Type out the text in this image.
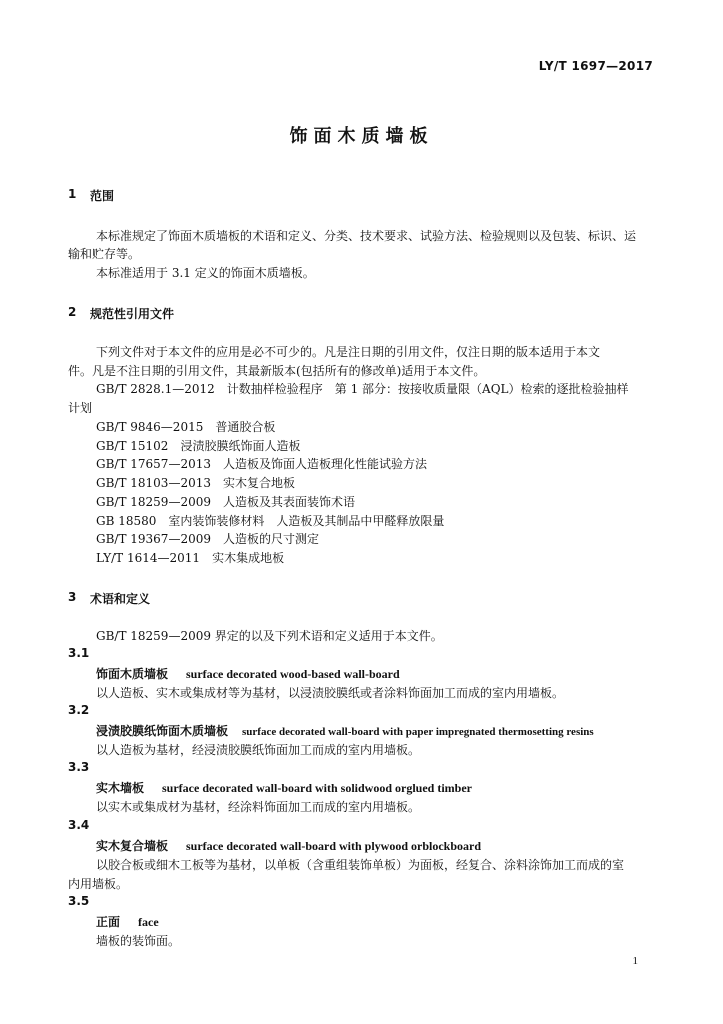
LY/T 1697—2017
饰面木质墙板
1 范围
本标准规定了饰面木质墙板的术语和定义、分类、技术要求、试验方法、检验规则以及包装、标识、运
输和贮存等。
本标准适用于 3.1 定义的饰面木质墙板。
2 规范性引用文件
下列文件对于本文件的应用是必不可少的。凡是注日期的引用文件，仅注日期的版本适用于本文
件。凡是不注日期的引用文件，其最新版本(包括所有的修改单)适用于本文件。
GB/T 2828.1—2012　计数抽样检验程序　第 1 部分：按接收质量限（AQL）检索的逐批检验抽样
计划
GB/T 9846—2015　普通胶合板
GB/T 15102　浸渍胶膜纸饰面人造板
GB/T 17657—2013　人造板及饰面人造板理化性能试验方法
GB/T 18103—2013　实木复合地板
GB/T 18259—2009　人造板及其表面装饰术语
GB 18580　室内装饰装修材料　人造板及其制品中甲醛释放限量
GB/T 19367—2009　人造板的尺寸测定
LY/T 1614—2011　实木集成地板
3 术语和定义
GB/T 18259—2009 界定的以及下列术语和定义适用于本文件。
3.1
饰面木质墙板 surface decorated wood-based wall-board
以人造板、实木或集成材等为基材，以浸渍胶膜纸或者涂料饰面加工而成的室内用墙板。
3.2
浸渍胶膜纸饰面木质墙板 surface decorated wall-board with paper impregnated thermosetting resins
以人造板为基材，经浸渍胶膜纸饰面加工而成的室内用墙板。
3.3
实木墙板 surface decorated wall-board with solidwood orglued timber
以实木或集成材为基材，经涂料饰面加工而成的室内用墙板。
3.4
实木复合墙板 surface decorated wall-board with plywood orblockboard
以胶合板或细木工板等为基材，以单板（含重组装饰单板）为面板，经复合、涂料涂饰加工而成的室
内用墙板。
3.5
正面 face
墙板的装饰面。
1
